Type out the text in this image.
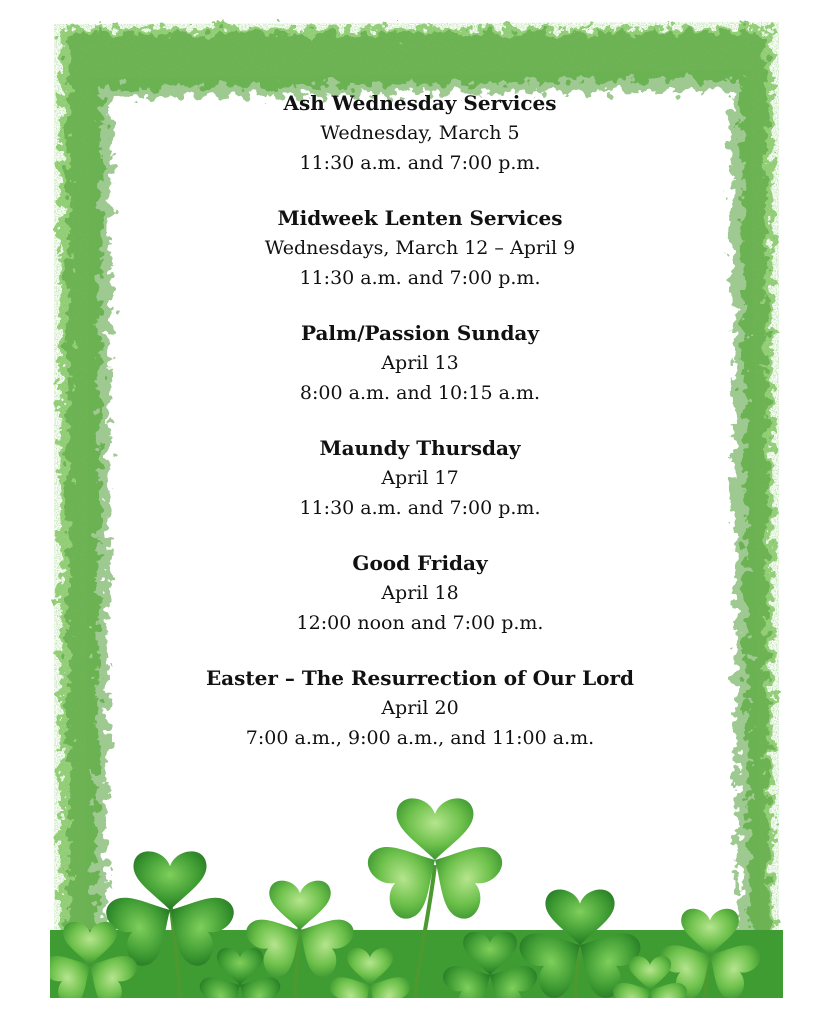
Ash Wednesday Services

Wednesday, March 5

11:30 a.m. and 7:00 p.m.

Midweek Lenten Services

Wednesdays, March 12 – April 9

11:30 a.m. and 7:00 p.m.

Palm/Passion Sunday

April 13

8:00 a.m. and 10:15 a.m.

Maundy Thursday

April 17

11:30 a.m. and 7:00 p.m.

Good Friday

April 18

12:00 noon and 7:00 p.m.

Easter – The Resurrection of Our Lord

April 20

7:00 a.m., 9:00 a.m., and 11:00 a.m.
